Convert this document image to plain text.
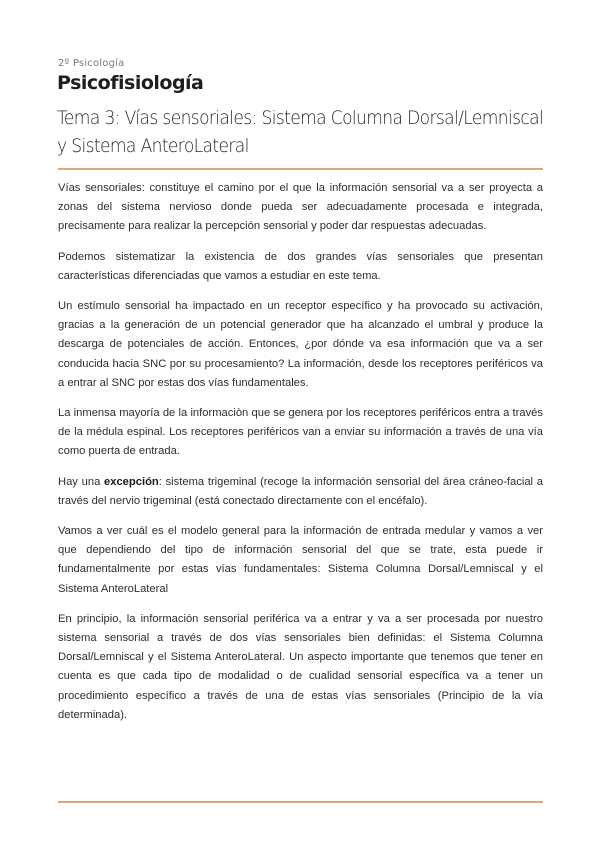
2º Psicología
Psicofisiología
Tema 3: Vías sensoriales: Sistema Columna Dorsal/Lemniscal y Sistema AnteroLateral

Vías sensoriales: constituye el camino por el que la información sensorial va a ser proyecta a zonas del sistema nervioso donde pueda ser adecuadamente procesada e integrada, precisamente para realizar la percepción sensorial y poder dar respuestas adecuadas.

Podemos sistematizar la existencia de dos grandes vías sensoriales que presentan características diferenciadas que vamos a estudiar en este tema.

Un estímulo sensorial ha impactado en un receptor específico y ha provocado su activación, gracias a la generación de un potencial generador que ha alcanzado el umbral y produce la descarga de potenciales de acción. Entonces, ¿por dónde va esa información que va a ser conducida hacia SNC por su procesamiento? La información, desde los receptores periféricos va a entrar al SNC por estas dos vías fundamentales.

La inmensa mayoría de la informaciòn que se genera por los receptores periféricos entra a través de la médula espinal. Los receptores periféricos van a enviar su información a través de una vía como puerta de entrada.

Hay una excepción: sistema trigeminal (recoge la información sensorial del área cráneo-facial a través del nervio trigeminal (está conectado directamente con el encéfalo).

Vamos a ver cuál es el modelo general para la información de entrada medular y vamos a ver que dependiendo del tipo de información sensorial del que se trate, esta puede ir fundamentalmente por estas vías fundamentales: Sistema Columna Dorsal/Lemniscal y el Sistema AnteroLateral

En principio, la información sensorial periférica va a entrar y va a ser procesada por nuestro sistema sensorial a través de dos vías sensoriales bien definidas: el Sistema Columna Dorsal/Lemniscal y el Sistema AnteroLateral. Un aspecto importante que tenemos que tener en cuenta es que cada tipo de modalidad o de cualidad sensorial específica va a tener un procedimiento específico a través de una de estas vías sensoriales (Principio de la vía determinada).
